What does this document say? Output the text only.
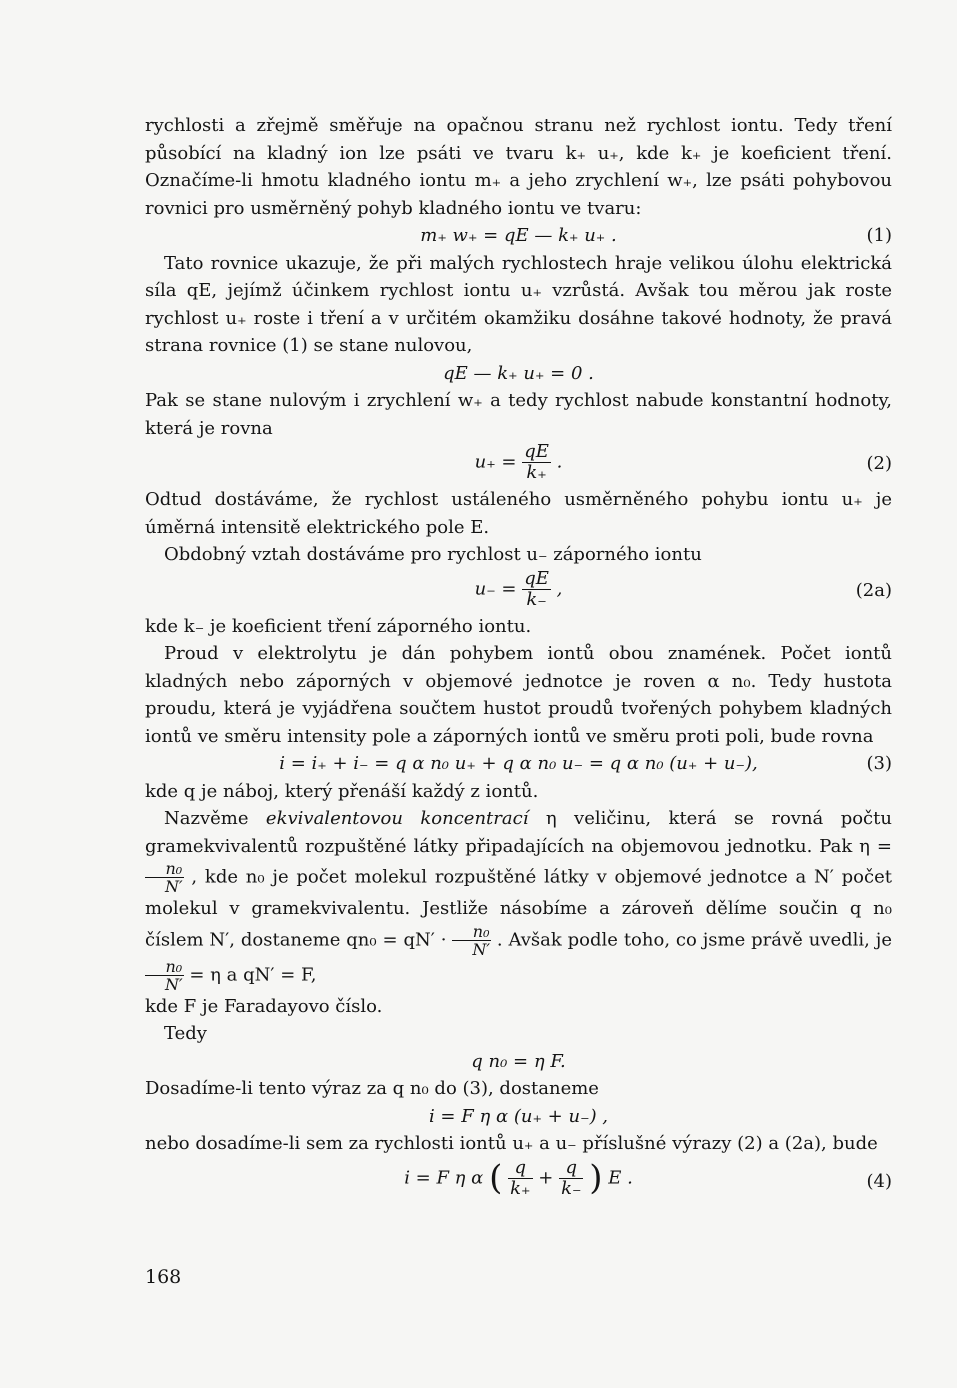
rychlosti a zřejmě směřuje na opačnou stranu než rychlost iontu. Tedy tření působící na kladný ion lze psáti ve tvaru k₊ u₊, kde k₊ je koeficient tření. Označíme-li hmotu kladného iontu m₊ a jeho zrychlení w₊, lze psáti pohybovou rovnici pro usměrněný pohyb kladného iontu ve tvaru:

m₊ w₊ = qE — k₊ u₊ .	(1)

Tato rovnice ukazuje, že při malých rychlostech hraje velikou úlohu elektrická síla qE, jejímž účinkem rychlost iontu u₊ vzrůstá. Avšak tou měrou jak roste rychlost u₊ roste i tření a v určitém okamžiku dosáhne takové hodnoty, že pravá strana rovnice (1) se stane nulovou,

qE — k₊ u₊ = 0 .

Pak se stane nulovým i zrychlení w₊ a tedy rychlost nabude konstantní hodnoty, která je rovna

$u_+ = \frac{qE}{k_+}$ .	(2)

Odtud dostáváme, že rychlost ustáleného usměrněného pohybu iontu u₊ je úměrná intensitě elektrického pole E.

Obdobný vztah dostáváme pro rychlost u₋ záporného iontu

$u_- = \frac{qE}{k_-}$ ,	(2a)

kde k₋ je koeficient tření záporného iontu.

Proud v elektrolytu je dán pohybem iontů obou znamének. Počet iontů kladných nebo záporných v objemové jednotce je roven α n₀. Tedy hustota proudu, která je vyjádřena součtem hustot proudů tvořených pohybem kladných iontů ve směru intensity pole a záporných iontů ve směru proti poli, bude rovna

i = i₊ + i₋ = q α n₀ u₊ + q α n₀ u₋ = q α n₀ (u₊ + u₋),	(3)

kde q je náboj, který přenáší každý z iontů.

Nazvěme ekvivalentovou koncentrací η veličinu, která se rovná počtu gramekvivalentů rozpuštěné látky připadajících na objemovou jednotku. Pak η =
$\frac{\text{n₀}}{N'}$ , kde n₀ je počet molekul rozpuštěné látky v objemové jednotce a N′ počet molekul v gramekvivalentu. Jestliže násobíme a zároveň dělíme součin q n₀ číslem N′, dostaneme $qn_0 = qN' \cdot \frac{\text{n₀}}{N'}$ . Avšak podle toho, co jsme právě uvedli, je
$\frac{\text{n₀}}{N'} = \eta$ a qN′ = F,

kde F je Faradayovo číslo.

Tedy

q n₀ = η F.

Dosadíme-li tento výraz za q n₀ do (3), dostaneme

i = F η α (u₊ + u₋) ,

nebo dosadíme-li sem za rychlosti iontů u₊ a u₋ příslušné výrazy (2) a (2a), bude

i = F η α ( $\frac{q}{k_+} + \frac{q}{k_-}$ ) E .	(4)
168
